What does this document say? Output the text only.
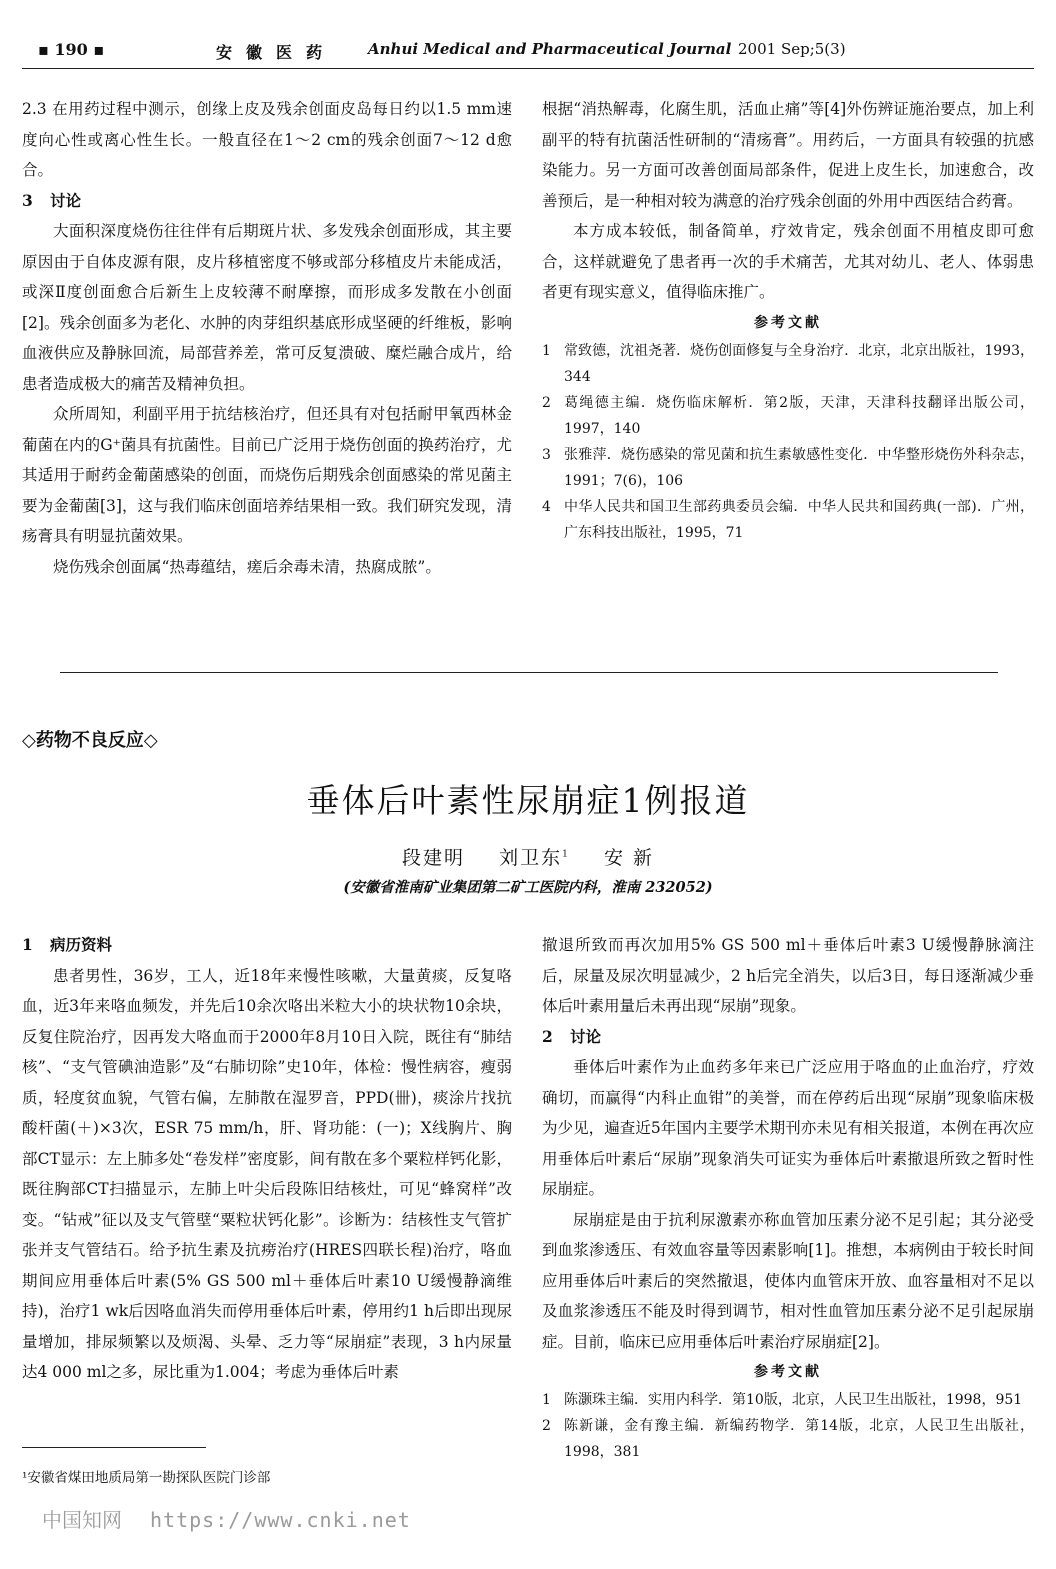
▪ 190 ▪	安徽医药 Anhui Medical and Pharmaceutical Journal 2001 Sep;5(3)

2.3 在用药过程中测示，创缘上皮及残余创面皮岛每日约以1.5 mm速度向心性或离心性生长。一般直径在1～2 cm的残余创面7～12 d愈合。

3 讨论

大面积深度烧伤往往伴有后期斑片状、多发残余创面形成，其主要原因由于自体皮源有限，皮片移植密度不够或部分移植皮片未能成活，或深Ⅱ度创面愈合后新生上皮较薄不耐摩擦，而形成多发散在小创面[2]。残余创面多为老化、水肿的肉芽组织基底形成坚硬的纤维板，影响血液供应及静脉回流，局部营养差，常可反复溃破、糜烂融合成片，给患者造成极大的痛苦及精神负担。

众所周知，利副平用于抗结核治疗，但还具有对包括耐甲氧西林金葡菌在内的G⁺菌具有抗菌性。目前已广泛用于烧伤创面的换药治疗，尤其适用于耐药金葡菌感染的创面，而烧伤后期残余创面感染的常见菌主要为金葡菌[3]，这与我们临床创面培养结果相一致。我们研究发现，清疡膏具有明显抗菌效果。

烧伤残余创面属“热毒蕴结，瘥后余毒未清，热腐成脓”。

根据“消热解毒，化腐生肌，活血止痛”等[4]外伤辨证施治要点，加上利副平的特有抗菌活性研制的“清疡膏”。用药后，一方面具有较强的抗感染能力。另一方面可改善创面局部条件，促进上皮生长，加速愈合，改善预后，是一种相对较为满意的治疗残余创面的外用中西医结合药膏。

本方成本较低，制备简单，疗效肯定，残余创面不用植皮即可愈合，这样就避免了患者再一次的手术痛苦，尤其对幼儿、老人、体弱患者更有现实意义，值得临床推广。

参考文献
1 常致德，沈祖尧著．烧伤创面修复与全身治疗．北京，北京出版社，1993，344
2 葛绳德主编．烧伤临床解析．第2版，天津，天津科技翻译出版公司，1997，140
3 张雅萍．烧伤感染的常见菌和抗生素敏感性变化．中华整形烧伤外科杂志，1991；7(6)，106
4 中华人民共和国卫生部药典委员会编．中华人民共和国药典(一部)．广州，广东科技出版社，1995，71
◇药物不良反应◇
垂体后叶素性尿崩症1例报道
段建明 刘卫东$^1$ 安 新
(安徽省淮南矿业集团第二矿工医院内科，淮南 232052)

1 病历资料

患者男性，36岁，工人，近18年来慢性咳嗽，大量黄痰，反复咯血，近3年来咯血频发，并先后10余次咯出米粒大小的块状物10余块，反复住院治疗，因再发大咯血而于2000年8月10日入院，既往有“肺结核”、“支气管碘油造影”及“右肺切除”史10年，体检：慢性病容，瘦弱质，轻度贫血貌，气管右偏，左肺散在湿罗音，PPD(卌)，痰涂片找抗酸杆菌(＋)×3次，ESR 75 mm/h，肝、肾功能：(一)；X线胸片、胸部CT显示：左上肺多处“卷发样”密度影，间有散在多个粟粒样钙化影，既往胸部CT扫描显示，左肺上叶尖后段陈旧结核灶，可见“蜂窝样”改变。“钻戒”征以及支气管壁“粟粒状钙化影”。诊断为：结核性支气管扩张并支气管结石。给予抗生素及抗痨治疗(HRES四联长程)治疗，咯血期间应用垂体后叶素(5% GS 500 ml＋垂体后叶素10 U缓慢静滴维持)，治疗1 wk后因咯血消失而停用垂体后叶素，停用约1 h后即出现尿量增加，排尿频繁以及烦渴、头晕、乏力等“尿崩症”表现，3 h内尿量达4 000 ml之多，尿比重为1.004；考虑为垂体后叶素

撤退所致而再次加用5% GS 500 ml＋垂体后叶素3 U缓慢静脉滴注后，尿量及尿次明显减少，2 h后完全消失，以后3日，每日逐渐减少垂体后叶素用量后未再出现“尿崩”现象。

2 讨论

垂体后叶素作为止血药多年来已广泛应用于咯血的止血治疗，疗效确切，而赢得“内科止血钳”的美誉，而在停药后出现“尿崩”现象临床极为少见，遍查近5年国内主要学术期刊亦未见有相关报道，本例在再次应用垂体后叶素后“尿崩”现象消失可证实为垂体后叶素撤退所致之暂时性尿崩症。

尿崩症是由于抗利尿激素亦称血管加压素分泌不足引起；其分泌受到血浆渗透压、有效血容量等因素影响[1]。推想，本病例由于较长时间应用垂体后叶素后的突然撤退，使体内血管床开放、血容量相对不足以及血浆渗透压不能及时得到调节，相对性血管加压素分泌不足引起尿崩症。目前，临床已应用垂体后叶素治疗尿崩症[2]。

参考文献
1 陈灏珠主编．实用内科学．第10版，北京，人民卫生出版社，1998，951
2 陈新谦，金有豫主编．新编药物学．第14版，北京，人民卫生出版社，1998，381
¹安徽省煤田地质局第一勘探队医院门诊部
中国知网 https://www.cnki.net
